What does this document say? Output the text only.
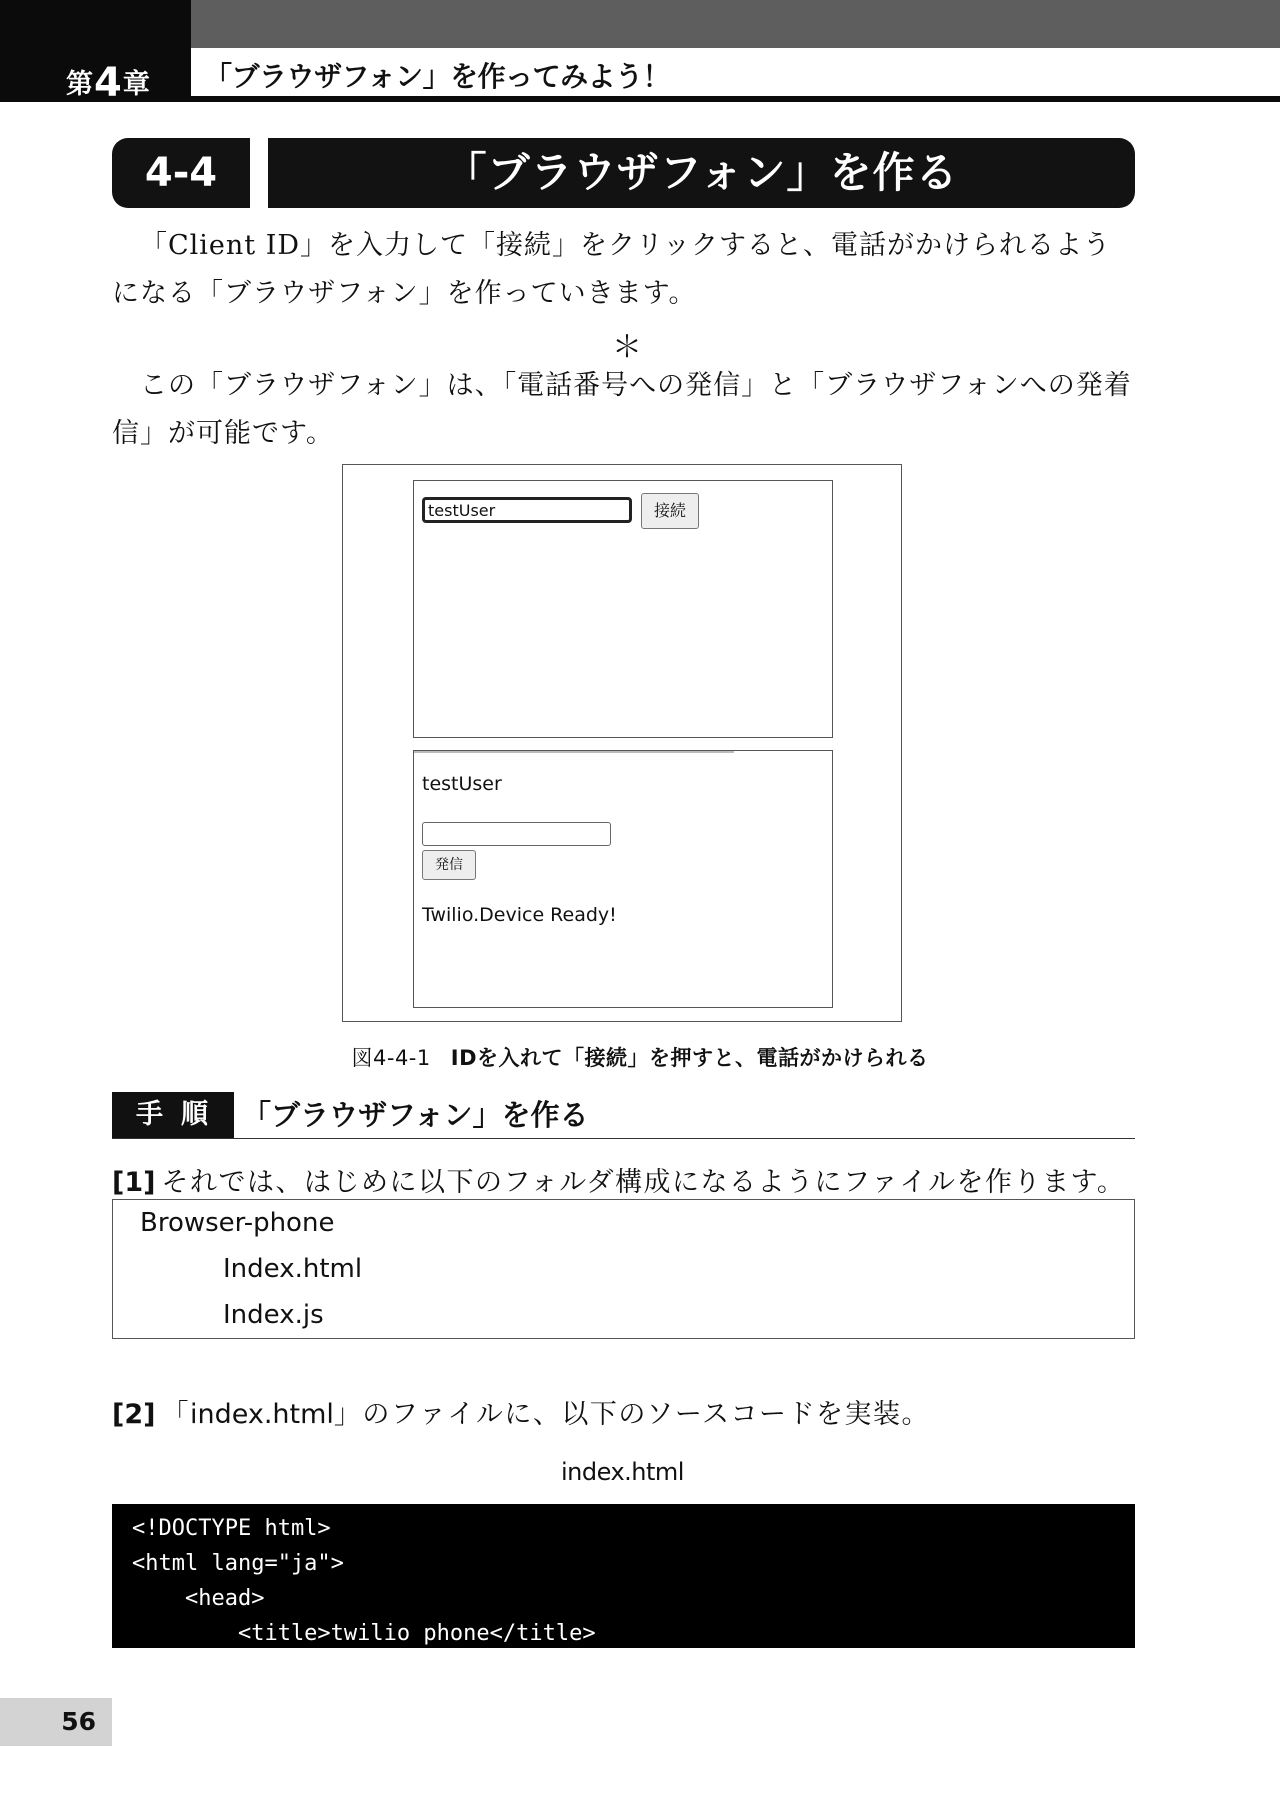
第4章 「ブラウザフォン」を作ってみよう！
4-4	「ブラウザフォン」を作る
「Client ID」を入力して「接続」をクリックすると、電話がかけられるようになる「ブラウザフォン」を作っていきます。
＊
この「ブラウザフォン」は、「電話番号への発信」と「ブラウザフォンへの発着信」が可能です。
testUser
接続
testUser
発信
Twilio.Device Ready!
図4-4-1 IDを入れて「接続」を押すと、電話がかけられる
手順 「ブラウザフォン」を作る
[1] それでは、はじめに以下のフォルダ構成になるようにファイルを作ります。
Browser-phone
Index.html
Index.js
[2] 「index.html」のファイルに、以下のソースコードを実装。
index.html
<!DOCTYPE html>
<html lang="ja">
<head>
<title>twilio phone</title>
56
